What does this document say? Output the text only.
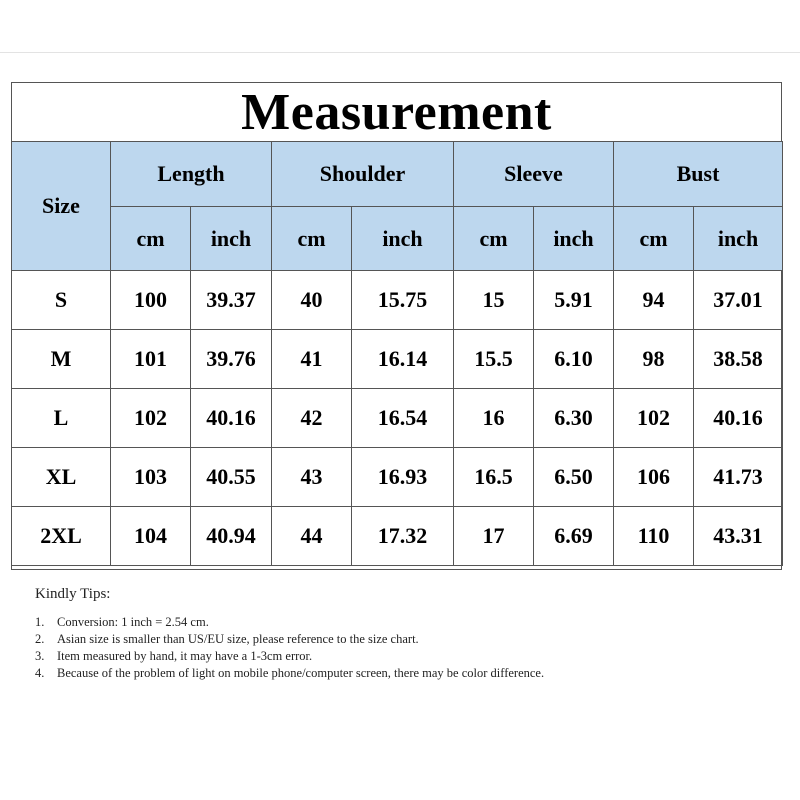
Measurement
Size	Length		Shoulder		Sleeve		Bust	
	cm	inch	cm	inch	cm	inch	cm	inch
S	100	39.37	40	15.75	15	5.91	94	37.01
M	101	39.76	41	16.14	15.5	6.10	98	38.58
L	102	40.16	42	16.54	16	6.30	102	40.16
XL	103	40.55	43	16.93	16.5	6.50	106	41.73
2XL	104	40.94	44	17.32	17	6.69	110	43.31
Kindly Tips:
1.	Conversion: 1 inch = 2.54 cm.
2.	Asian size is smaller than US/EU size, please reference to the size chart.
3.	Item measured by hand, it may have a 1-3cm error.
4.	Because of the problem of light on mobile phone/computer screen, there may be color difference.
